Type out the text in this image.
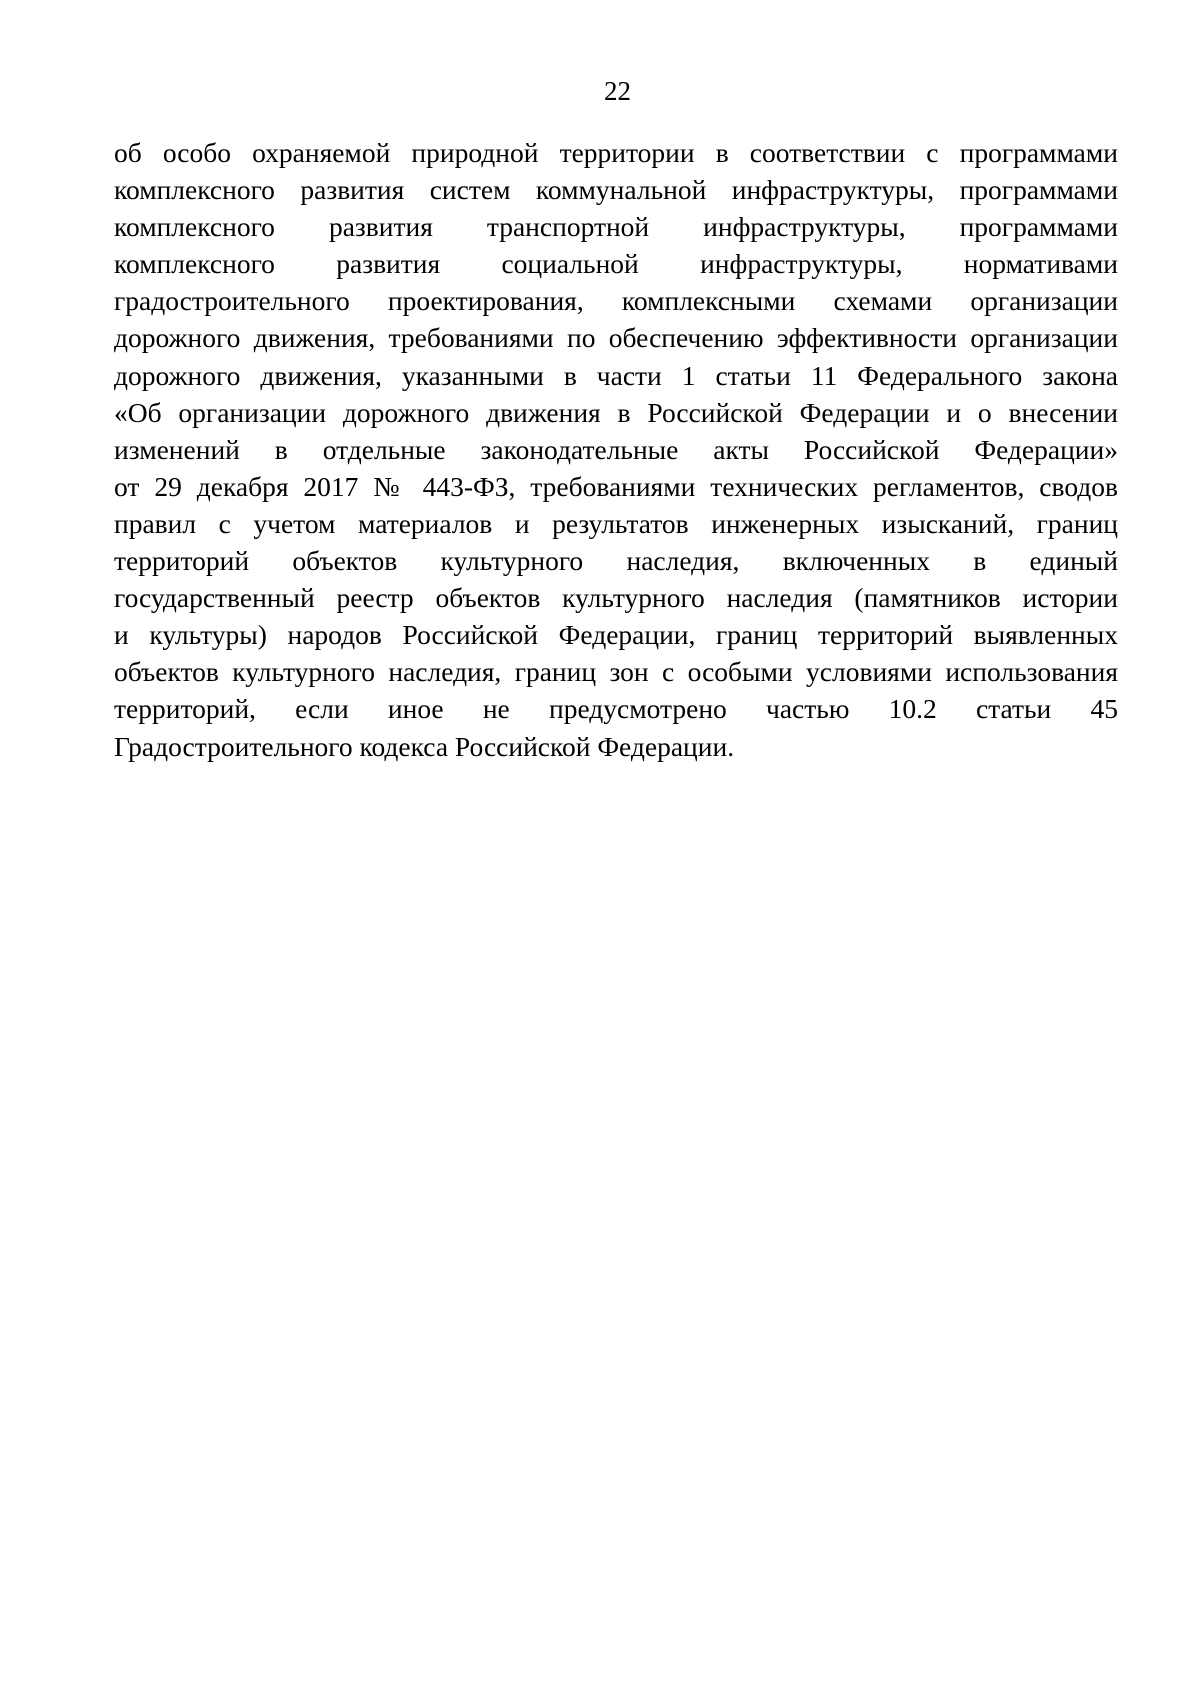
22
об особо охраняемой природной территории в соответствии с программами
комплексного развития систем коммунальной инфраструктуры, программами
комплексного развития транспортной инфраструктуры, программами
комплексного развития социальной инфраструктуры, нормативами
градостроительного проектирования, комплексными схемами организации
дорожного движения, требованиями по обеспечению эффективности организации
дорожного движения, указанными в части 1 статьи 11 Федерального закона
«Об организации дорожного движения в Российской Федерации и о внесении
изменений в отдельные законодательные акты Российской Федерации»
от 29 декабря 2017 № 443-ФЗ, требованиями технических регламентов, сводов
правил с учетом материалов и результатов инженерных изысканий, границ
территорий объектов культурного наследия, включенных в единый
государственный реестр объектов культурного наследия (памятников истории
и культуры) народов Российской Федерации, границ территорий выявленных
объектов культурного наследия, границ зон с особыми условиями использования
территорий, если иное не предусмотрено частью 10.2 статьи 45
Градостроительного кодекса Российской Федерации.
